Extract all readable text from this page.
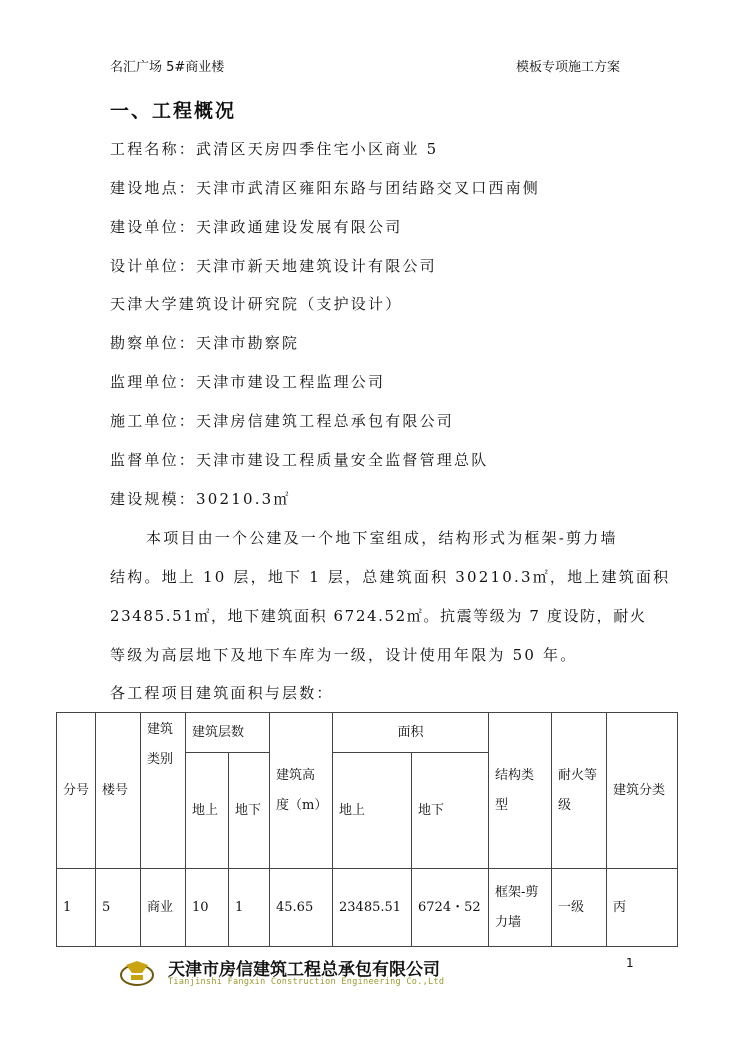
名汇广场 5#商业楼	模板专项施工方案
一、工程概况
工程名称：武清区天房四季住宅小区商业 5
建设地点：天津市武清区雍阳东路与团结路交叉口西南侧
建设单位：天津政通建设发展有限公司
设计单位：天津市新天地建筑设计有限公司
天津大学建筑设计研究院（支护设计）
勘察单位：天津市勘察院
监理单位：天津市建设工程监理公司
施工单位：天津房信建筑工程总承包有限公司
监督单位：天津市建设工程质量安全监督管理总队
建设规模：30210.3㎡
本项目由一个公建及一个地下室组成，结构形式为框架-剪力墙
结构。地上 10 层，地下 1 层，总建筑面积 30210.3㎡，地上建筑面积
23485.51㎡，地下建筑面积 6724.52㎡。抗震等级为 7 度设防，耐火
等级为高层地下及地下车库为一级，设计使用年限为 50 年。
各工程项目建筑面积与层数：
分号	楼号	建筑类别	建筑层数		建筑高度（m）	面积		结构类型	耐火等级	建筑分类
			地上	地下		地上	地下			
1	5	商业	10	1	45.65	23485.51	6724・52	框架-剪力墙	一级	丙
天津市房信建筑工程总承包有限公司
Tianjinshi Fangxin Construction Engineering Co.,Ltd
1
